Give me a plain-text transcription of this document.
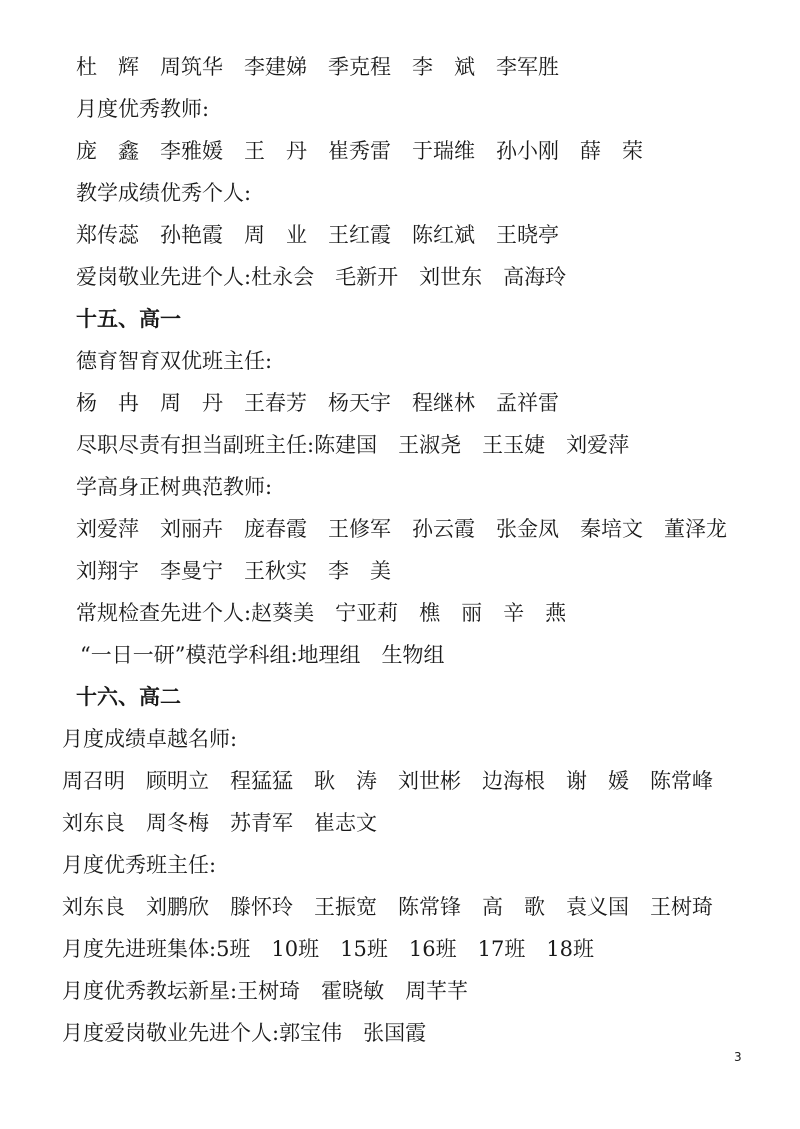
杜　辉　周筑华　李建娣　季克程　李　斌　李军胜
月度优秀教师:
庞　鑫　李雅媛　王　丹　崔秀雷　于瑞维　孙小刚　薛　荣
教学成绩优秀个人:
郑传蕊　孙艳霞　周　业　王红霞　陈红斌　王晓亭
爱岗敬业先进个人:杜永会　毛新开　刘世东　高海玲
十五、高一
德育智育双优班主任:
杨　冉　周　丹　王春芳　杨天宇　程继林　孟祥雷
尽职尽责有担当副班主任:陈建国　王淑尧　王玉婕　刘爱萍
学高身正树典范教师:
刘爱萍　刘丽卉　庞春霞　王修军　孙云霞　张金凤　秦培文　董泽龙
刘翔宇　李曼宁　王秋实　李　美
常规检查先进个人:赵葵美　宁亚莉　樵　丽　辛　燕
“一日一研”模范学科组:地理组　生物组
十六、高二
月度成绩卓越名师:
周召明　顾明立　程猛猛　耿　涛　刘世彬　边海根　谢　媛　陈常峰
刘东良　周冬梅　苏青军　崔志文
月度优秀班主任:
刘东良　刘鹏欣　滕怀玲　王振宽　陈常锋　高　歌　袁义国　王树琦
月度先进班集体:5班　10班　15班　16班　17班　18班
月度优秀教坛新星:王树琦　霍晓敏　周芊芊
月度爱岗敬业先进个人:郭宝伟　张国霞
3
